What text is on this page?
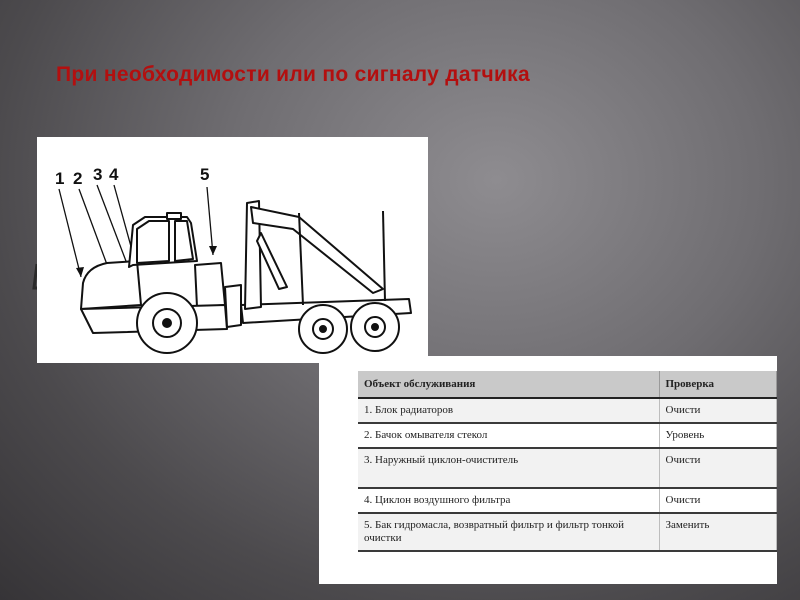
При необходимости или по сигналу датчика
1 2 3 4	5
Объект обслуживания	Проверка
1. Блок радиаторов	Очисти
2. Бачок омывателя стекол	Уровень
3. Наружный циклон-очиститель	Очисти
4. Циклон воздушного фильтра	Очисти
5. Бак гидромасла, возвратный фильтр и фильтр тонкой очистки	Заменить
